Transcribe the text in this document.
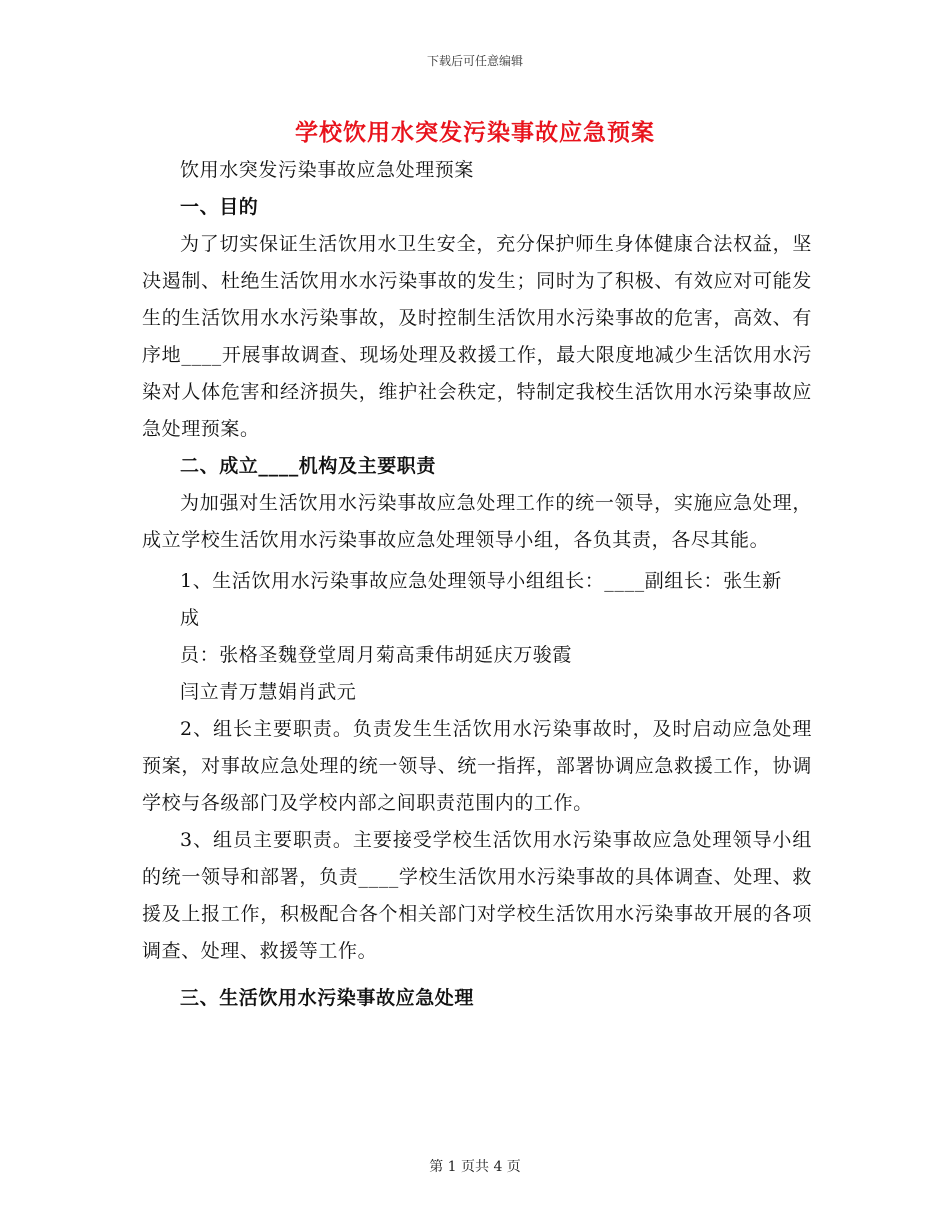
下载后可任意编辑
学校饮用水突发污染事故应急预案

饮用水突发污染事故应急处理预案

一、目的

为了切实保证生活饮用水卫生安全，充分保护师生身体健康合法权益，坚决遏制、杜绝生活饮用水水污染事故的发生；同时为了积极、有效应对可能发生的生活饮用水水污染事故，及时控制生活饮用水污染事故的危害，高效、有序地____开展事故调查、现场处理及救援工作，最大限度地减少生活饮用水污染对人体危害和经济损失，维护社会秩定，特制定我校生活饮用水污染事故应急处理预案。

二、成立____机构及主要职责

为加强对生活饮用水污染事故应急处理工作的统一领导，实施应急处理，成立学校生活饮用水污染事故应急处理领导小组，各负其责，各尽其能。

1、生活饮用水污染事故应急处理领导小组组长：____副组长：张生新

成

员：张格圣魏登堂周月菊高秉伟胡延庆万骏霞

闫立青万慧娟肖武元

2、组长主要职责。负责发生生活饮用水污染事故时，及时启动应急处理预案，对事故应急处理的统一领导、统一指挥，部署协调应急救援工作，协调学校与各级部门及学校内部之间职责范围内的工作。

3、组员主要职责。主要接受学校生活饮用水污染事故应急处理领导小组的统一领导和部署，负责____学校生活饮用水污染事故的具体调查、处理、救援及上报工作，积极配合各个相关部门对学校生活饮用水污染事故开展的各项调查、处理、救援等工作。

三、生活饮用水污染事故应急处理

第 1 页共 4 页
